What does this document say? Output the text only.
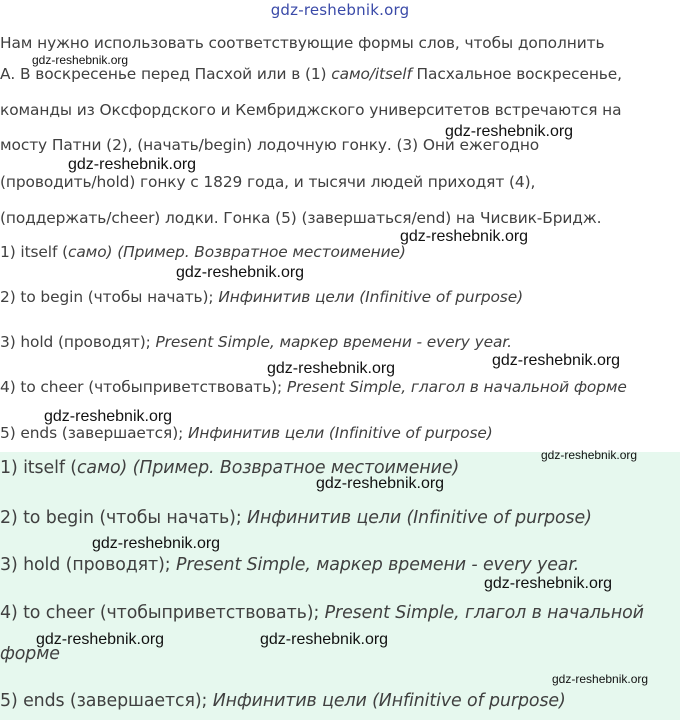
gdz-reshebnik.org
Нам нужно использовать соответствующие формы слов, чтобы дополнить
А. В воскресенье перед Пасхой или в (1) само/itself Пасхальное воскресенье,
команды из Оксфордского и Кембриджского университетов встречаются на
мосту Патни (2), (начать/begin) лодочную гонку. (3) Они ежегодно
(проводить/hold) гонку с 1829 года, и тысячи людей приходят (4),
(поддержать/cheer) лодки. Гонка (5) (завершаться/end) на Чисвик-Бридж.
1) itself (само) (Пример. Возвратное местоимение)
2) to begin (чтобы начать); Инфинитив цели (Infinitive of purpose)
3) hold (проводят); Present Simple, маркер времени - every year.
4) to cheer (чтобыприветствовать); Present Simple, глагол в начальной форме
5) ends (завершается); Инфинитив цели (Infinitive of purpose)
1) itself (само) (Пример. Возвратное местоимение)
2) to begin (чтобы начать); Инфинитив цели (Infinitive of purpose)
3) hold (проводят); Present Simple, маркер времени - every year.
4) to cheer (чтобыприветствовать); Present Simple, глагол в начальной
форме
5) ends (завершается); Инфинитив цели (Инfinitive of purpose)
gdz-reshebnik.org
gdz-reshebnik.org
gdz-reshebnik.org
gdz-reshebnik.org
gdz-reshebnik.org
gdz-reshebnik.org
gdz-reshebnik.org
gdz-reshebnik.org
gdz-reshebnik.org
gdz-reshebnik.org
gdz-reshebnik.org
gdz-reshebnik.org
gdz-reshebnik.org	gdz-reshebnik.org
gdz-reshebnik.org
